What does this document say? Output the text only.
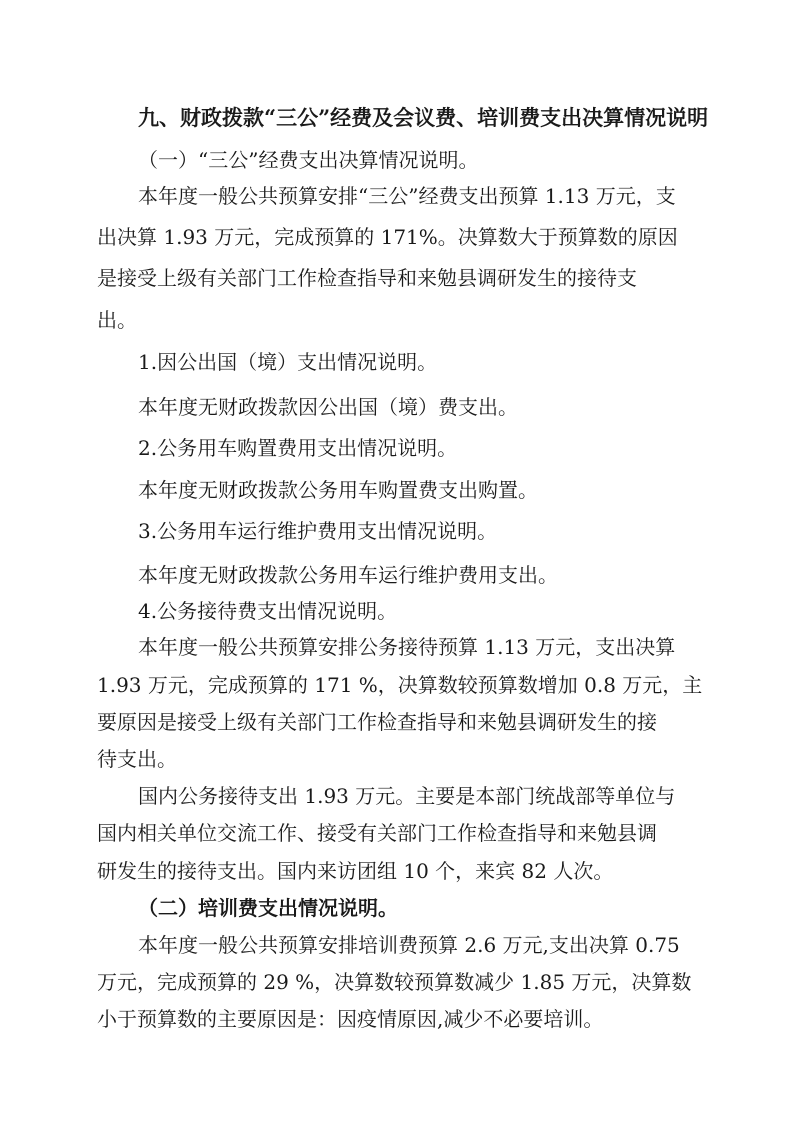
九、财政拨款“三公”经费及会议费、培训费支出决算情况说明
（一）“三公”经费支出决算情况说明。
本年度一般公共预算安排“三公”经费支出预算 1.13 万元，支
出决算 1.93 万元，完成预算的 171%。决算数大于预算数的原因
是接受上级有关部门工作检查指导和来勉县调研发生的接待支
出。
1.因公出国（境）支出情况说明。
本年度无财政拨款因公出国（境）费支出。
2.公务用车购置费用支出情况说明。
本年度无财政拨款公务用车购置费支出购置。
3.公务用车运行维护费用支出情况说明。
本年度无财政拨款公务用车运行维护费用支出。
4.公务接待费支出情况说明。
本年度一般公共预算安排公务接待预算 1.13 万元，支出决算
1.93 万元，完成预算的 171 %，决算数较预算数增加 0.8 万元，主
要原因是接受上级有关部门工作检查指导和来勉县调研发生的接
待支出。
国内公务接待支出 1.93 万元。主要是本部门统战部等单位与
国内相关单位交流工作、接受有关部门工作检查指导和来勉县调
研发生的接待支出。国内来访团组 10 个，来宾 82 人次。
（二）培训费支出情况说明。
本年度一般公共预算安排培训费预算 2.6 万元,支出决算 0.75
万元，完成预算的 29 %，决算数较预算数减少 1.85 万元，决算数
小于预算数的主要原因是：因疫情原因,减少不必要培训。
